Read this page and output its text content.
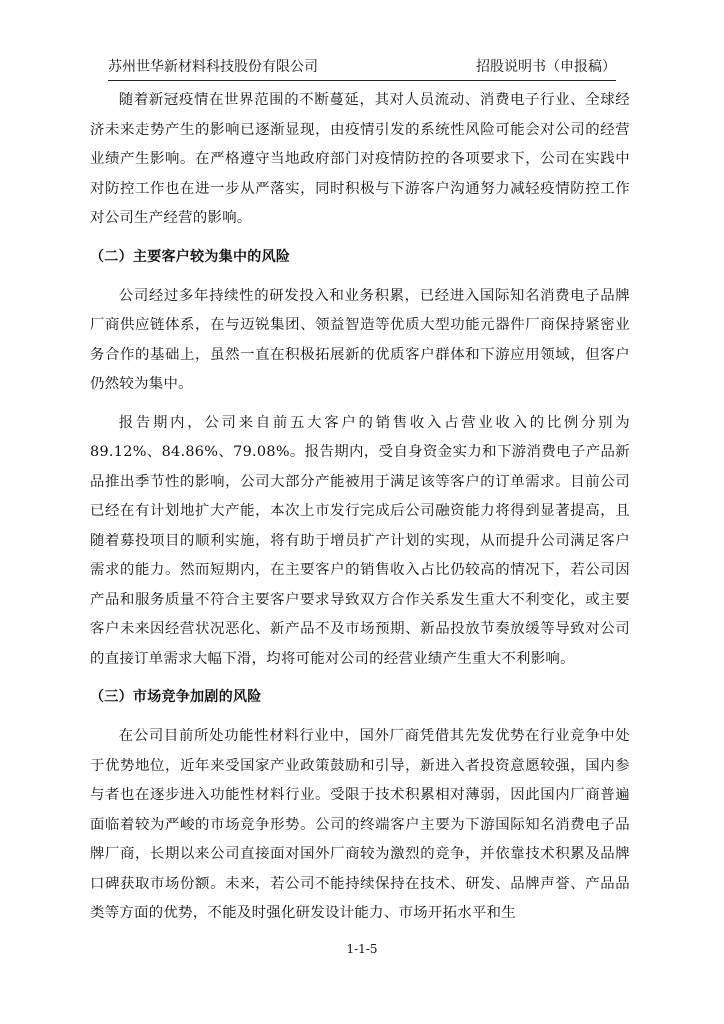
苏州世华新材料科技股份有限公司	招股说明书（申报稿）

随着新冠疫情在世界范围的不断蔓延，其对人员流动、消费电子行业、全球经济未来走势产生的影响已逐渐显现，由疫情引发的系统性风险可能会对公司的经营业绩产生影响。在严格遵守当地政府部门对疫情防控的各项要求下，公司在实践中对防控工作也在进一步从严落实，同时积极与下游客户沟通努力减轻疫情防控工作对公司生产经营的影响。

（二）主要客户较为集中的风险

公司经过多年持续性的研发投入和业务积累，已经进入国际知名消费电子品牌厂商供应链体系，在与迈锐集团、领益智造等优质大型功能元器件厂商保持紧密业务合作的基础上，虽然一直在积极拓展新的优质客户群体和下游应用领域，但客户仍然较为集中。

报告期内，公司来自前五大客户的销售收入占营业收入的比例分别为89.12%、84.86%、79.08%。报告期内，受自身资金实力和下游消费电子产品新品推出季节性的影响，公司大部分产能被用于满足该等客户的订单需求。目前公司已经在有计划地扩大产能，本次上市发行完成后公司融资能力将得到显著提高，且随着募投项目的顺利实施，将有助于增员扩产计划的实现，从而提升公司满足客户需求的能力。然而短期内，在主要客户的销售收入占比仍较高的情况下，若公司因产品和服务质量不符合主要客户要求导致双方合作关系发生重大不利变化，或主要客户未来因经营状况恶化、新产品不及市场预期、新品投放节奏放缓等导致对公司的直接订单需求大幅下滑，均将可能对公司的经营业绩产生重大不利影响。

（三）市场竞争加剧的风险

在公司目前所处功能性材料行业中，国外厂商凭借其先发优势在行业竞争中处于优势地位，近年来受国家产业政策鼓励和引导，新进入者投资意愿较强，国内参与者也在逐步进入功能性材料行业。受限于技术积累相对薄弱，因此国内厂商普遍面临着较为严峻的市场竞争形势。公司的终端客户主要为下游国际知名消费电子品牌厂商，长期以来公司直接面对国外厂商较为激烈的竞争，并依靠技术积累及品牌口碑获取市场份额。未来，若公司不能持续保持在技术、研发、品牌声誉、产品品类等方面的优势，不能及时强化研发设计能力、市场开拓水平和生

1-1-5
